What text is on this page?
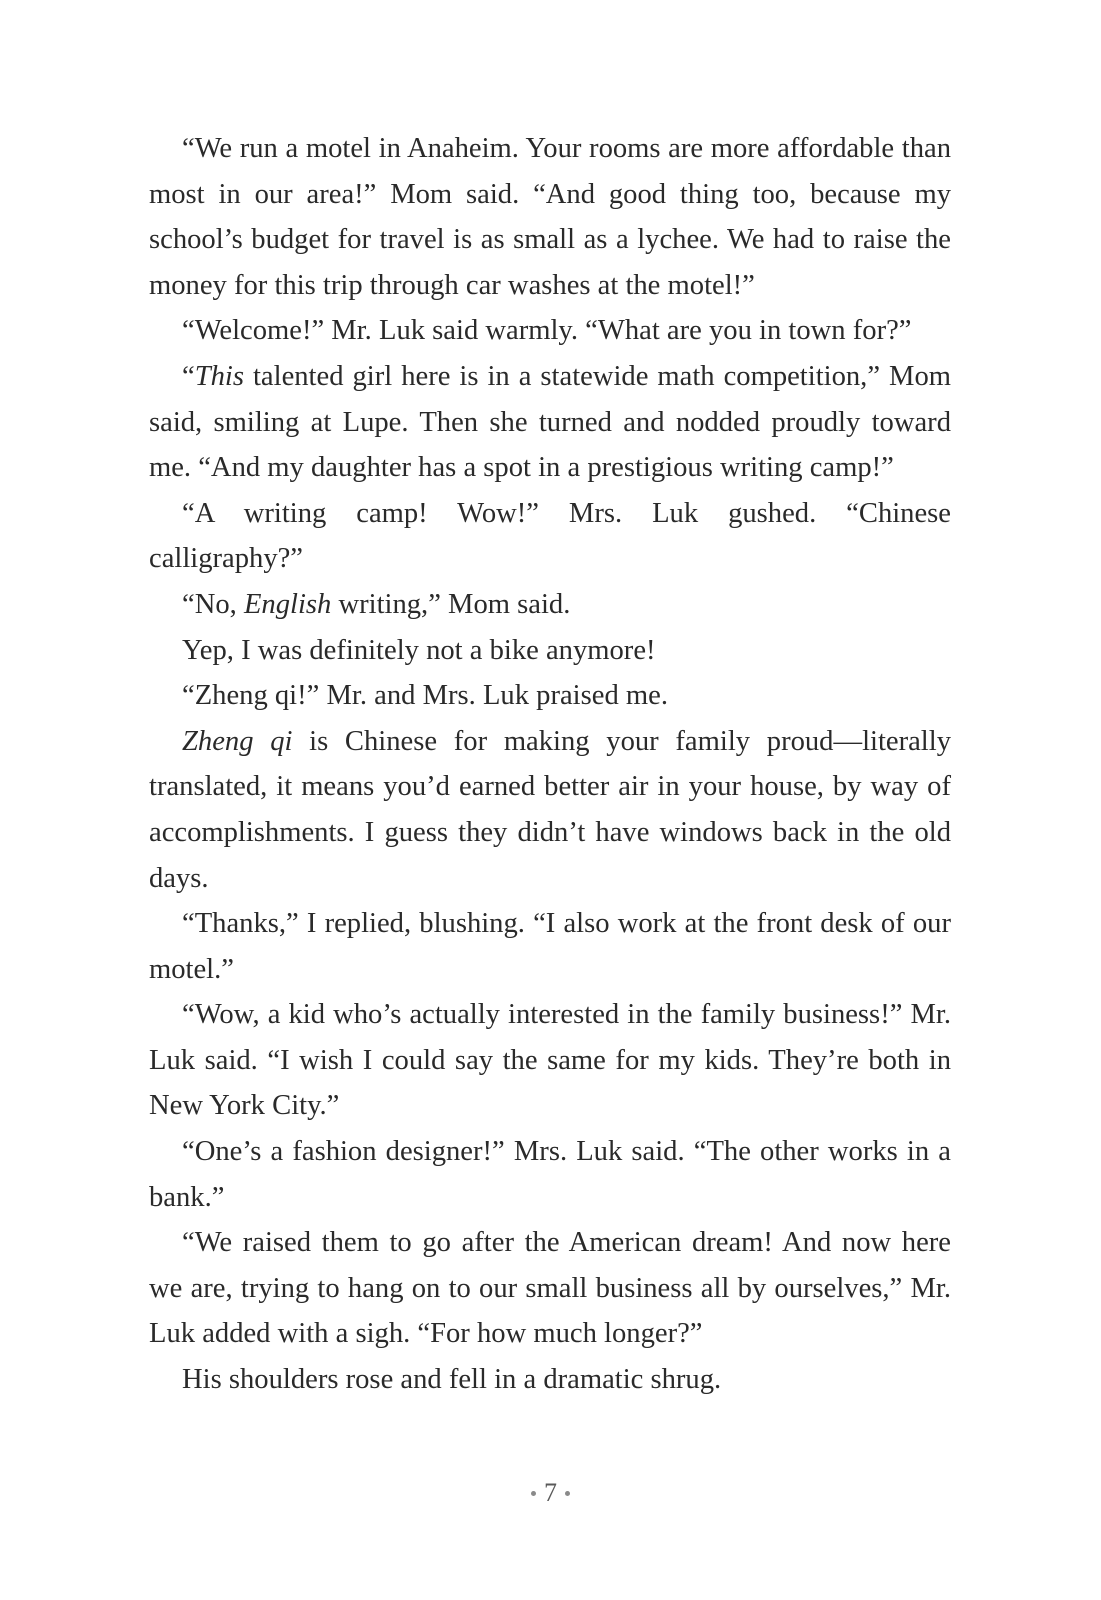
“We run a motel in Anaheim. Your rooms are more affordable than most in our area!” Mom said. “And good thing too, because my school’s budget for travel is as small as a lychee. We had to raise the money for this trip through car washes at the motel!”

“Welcome!” Mr. Luk said warmly. “What are you in town for?”

“This talented girl here is in a statewide math competition,” Mom said, smiling at Lupe. Then she turned and nodded proudly toward me. “And my daughter has a spot in a prestigious writing camp!”

“A writing camp! Wow!” Mrs. Luk gushed. “Chinese calligraphy?”

“No, English writing,” Mom said.

Yep, I was definitely not a bike anymore!

“Zheng qi!” Mr. and Mrs. Luk praised me.

Zheng qi is Chinese for making your family proud—literally translated, it means you’d earned better air in your house, by way of accomplishments. I guess they didn’t have windows back in the old days.

“Thanks,” I replied, blushing. “I also work at the front desk of our motel.”

“Wow, a kid who’s actually interested in the family business!” Mr. Luk said. “I wish I could say the same for my kids. They’re both in New York City.”

“One’s a fashion designer!” Mrs. Luk said. “The other works in a bank.”

“We raised them to go after the American dream! And now here we are, trying to hang on to our small business all by ourselves,” Mr. Luk added with a sigh. “For how much longer?”

His shoulders rose and fell in a dramatic shrug.

7
